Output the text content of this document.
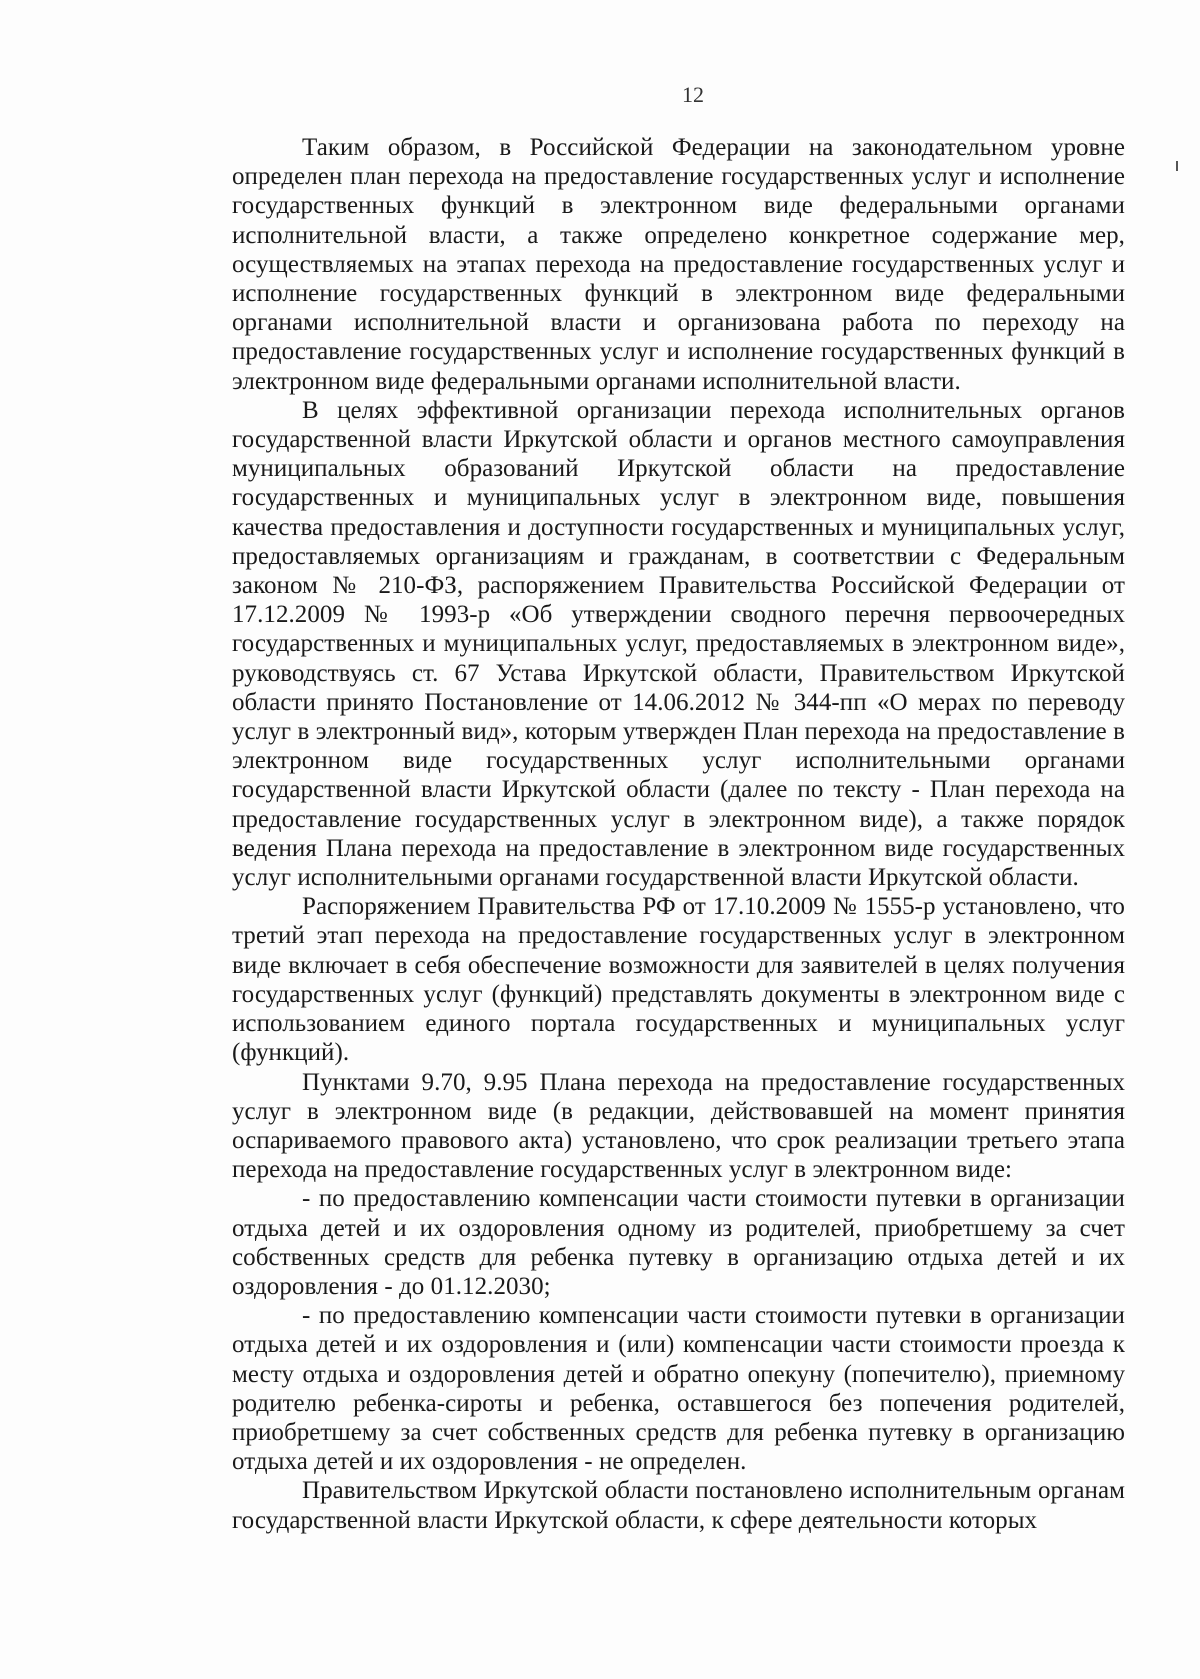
12

Таким образом, в Российской Федерации на законодательном уровне определен план перехода на предоставление государственных услуг и исполнение государственных функций в электронном виде федеральными органами исполнительной власти, а также определено конкретное содержание мер, осуществляемых на этапах перехода на предоставление государственных услуг и исполнение государственных функций в электронном виде федеральными органами исполнительной власти и организована работа по переходу на предоставление государственных услуг и исполнение государственных функций в электронном виде федеральными органами исполнительной власти.

В целях эффективной организации перехода исполнительных органов государственной власти Иркутской области и органов местного самоуправления муниципальных образований Иркутской области на предоставление государственных и муниципальных услуг в электронном виде, повышения качества предоставления и доступности государственных и муниципальных услуг, предоставляемых организациям и гражданам, в соответствии с Федеральным законом № 210-ФЗ, распоряжением Правительства Российской Федерации от 17.12.2009 № 1993-р «Об утверждении сводного перечня первоочередных государственных и муниципальных услуг, предоставляемых в электронном виде», руководствуясь ст. 67 Устава Иркутской области, Правительством Иркутской области принято Постановление от 14.06.2012 № 344-пп «О мерах по переводу услуг в электронный вид», которым утвержден План перехода на предоставление в электронном виде государственных услуг исполнительными органами государственной власти Иркутской области (далее по тексту - План перехода на предоставление государственных услуг в электронном виде), а также порядок ведения Плана перехода на предоставление в электронном виде государственных услуг исполнительными органами государственной власти Иркутской области.

Распоряжением Правительства РФ от 17.10.2009 № 1555-р установлено, что третий этап перехода на предоставление государственных услуг в электронном виде включает в себя обеспечение возможности для заявителей в целях получения государственных услуг (функций) представлять документы в электронном виде с использованием единого портала государственных и муниципальных услуг (функций).

Пунктами 9.70, 9.95 Плана перехода на предоставление государственных услуг в электронном виде (в редакции, действовавшей на момент принятия оспариваемого правового акта) установлено, что срок реализации третьего этапа перехода на предоставление государственных услуг в электронном виде:

- по предоставлению компенсации части стоимости путевки в организации отдыха детей и их оздоровления одному из родителей, приобретшему за счет собственных средств для ребенка путевку в организацию отдыха детей и их оздоровления - до 01.12.2030;

- по предоставлению компенсации части стоимости путевки в организации отдыха детей и их оздоровления и (или) компенсации части стоимости проезда к месту отдыха и оздоровления детей и обратно опекуну (попечителю), приемному родителю ребенка-сироты и ребенка, оставшегося без попечения родителей, приобретшему за счет собственных средств для ребенка путевку в организацию отдыха детей и их оздоровления - не определен.

Правительством Иркутской области постановлено исполнительным органам государственной власти Иркутской области, к сфере деятельности которых
